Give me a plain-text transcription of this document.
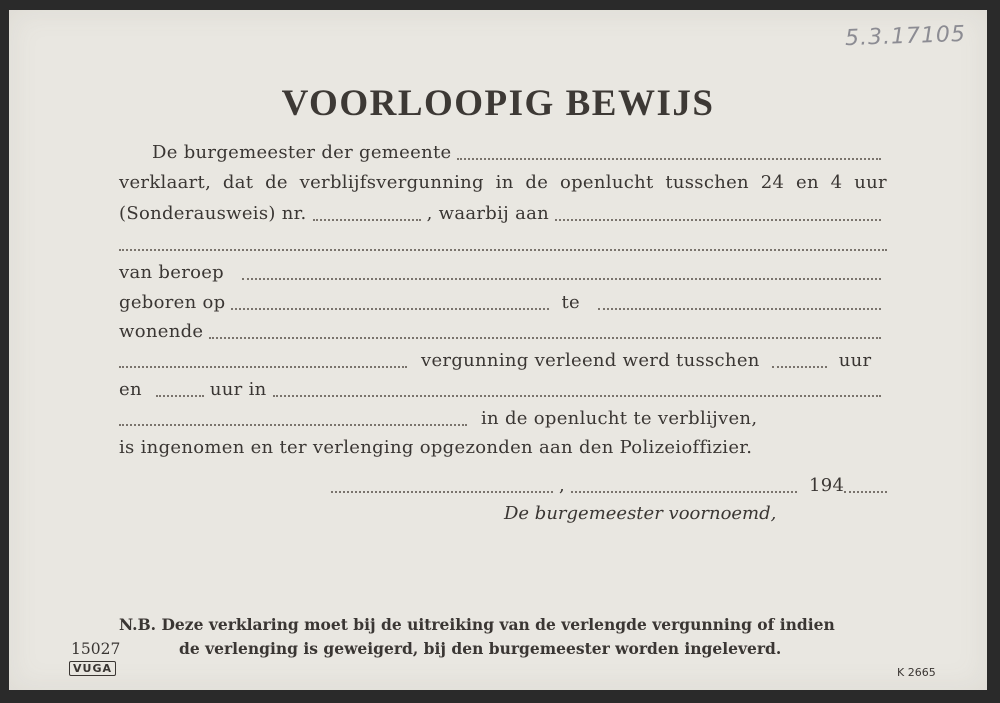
5.3.17105
VOORLOOPIG BEWIJS
De burgemeester der gemeente
verklaart, dat de verblijfsvergunning in de openlucht tusschen 24 en 4 uur
(Sonderausweis) nr.	, waarbij aan
van beroep
geboren op	te
wonende
vergunning verleend werd tusschen	uur
en	uur in
in de openlucht te verblijven,
is ingenomen en ter verlenging opgezonden aan den Polizeioffizier.
,	194
De burgemeester voornoemd,
N.B. Deze verklaring moet bij de uitreiking van de verlengde vergunning of indien
de verlenging is geweigerd, bij den burgemeester worden ingeleverd.
15027
VUGA	K 2665
